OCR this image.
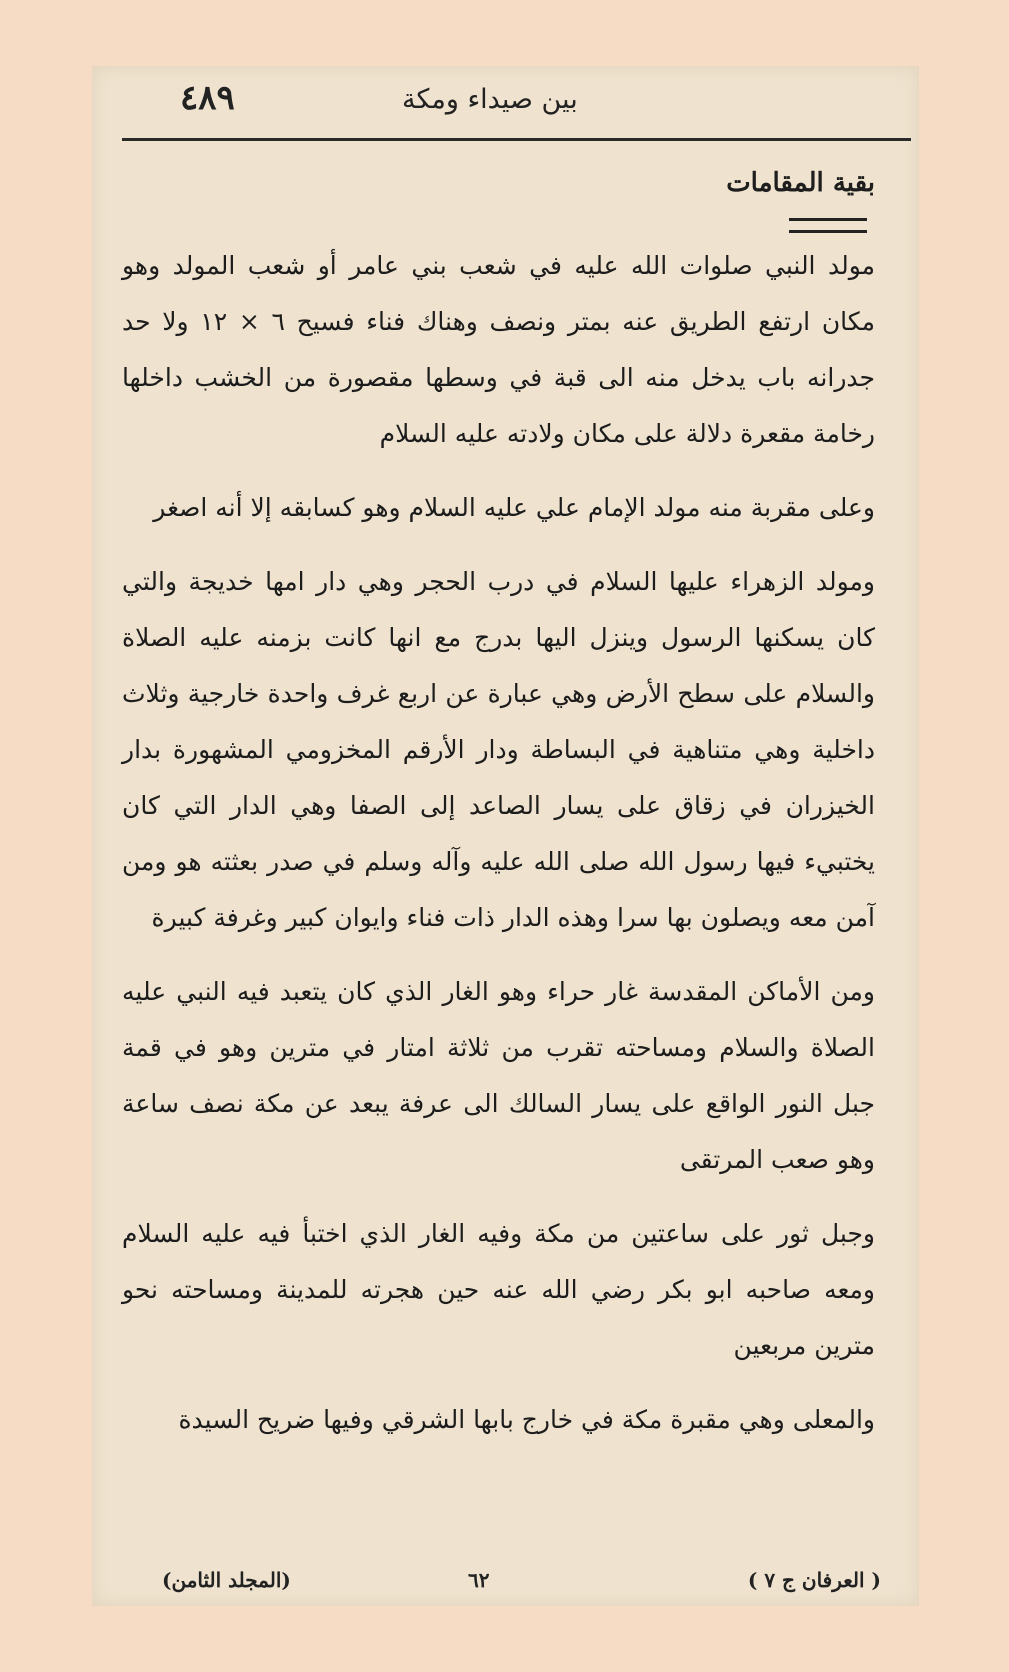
٤٨٩	بين صيداء ومكة
بقية المقامات

مولد النبي صلوات الله عليه في شعب بني عامر أو شعب المولد وهو مكان ارتفع الطريق عنه بمتر ونصف وهناك فناء فسيح ٦ × ١٢ ولا حد جدرانه باب يدخل منه الى قبة في وسطها مقصورة من الخشب داخلها رخامة مقعرة دلالة على مكان ولادته عليه السلام

وعلى مقربة منه مولد الإمام علي عليه السلام وهو كسابقه إلا أنه اصغر

ومولد الزهراء عليها السلام في درب الحجر وهي دار امها خديجة والتي كان يسكنها الرسول وينزل اليها بدرج مع انها كانت بزمنه عليه الصلاة والسلام على سطح الأرض وهي عبارة عن اربع غرف واحدة خارجية وثلاث داخلية وهي متناهية في البساطة ودار الأرقم المخزومي المشهورة بدار الخيزران في زقاق على يسار الصاعد إلى الصفا وهي الدار التي كان يختبيء فيها رسول الله صلى الله عليه وآله وسلم في صدر بعثته هو ومن آمن معه ويصلون بها سرا وهذه الدار ذات فناء وايوان كبير وغرفة كبيرة

ومن الأماكن المقدسة غار حراء وهو الغار الذي كان يتعبد فيه النبي عليه الصلاة والسلام ومساحته تقرب من ثلاثة امتار في مترين وهو في قمة جبل النور الواقع على يسار السالك الى عرفة يبعد عن مكة نصف ساعة وهو صعب المرتقى

وجبل ثور على ساعتين من مكة وفيه الغار الذي اختبأ فيه عليه السلام ومعه صاحبه ابو بكر رضي الله عنه حين هجرته للمدينة ومساحته نحو مترين مربعين

والمعلى وهي مقبرة مكة في خارج بابها الشرقي وفيها ضريح السيدة

(المجلد الثامن)	٦٢	( العرفان ج ٧ )
